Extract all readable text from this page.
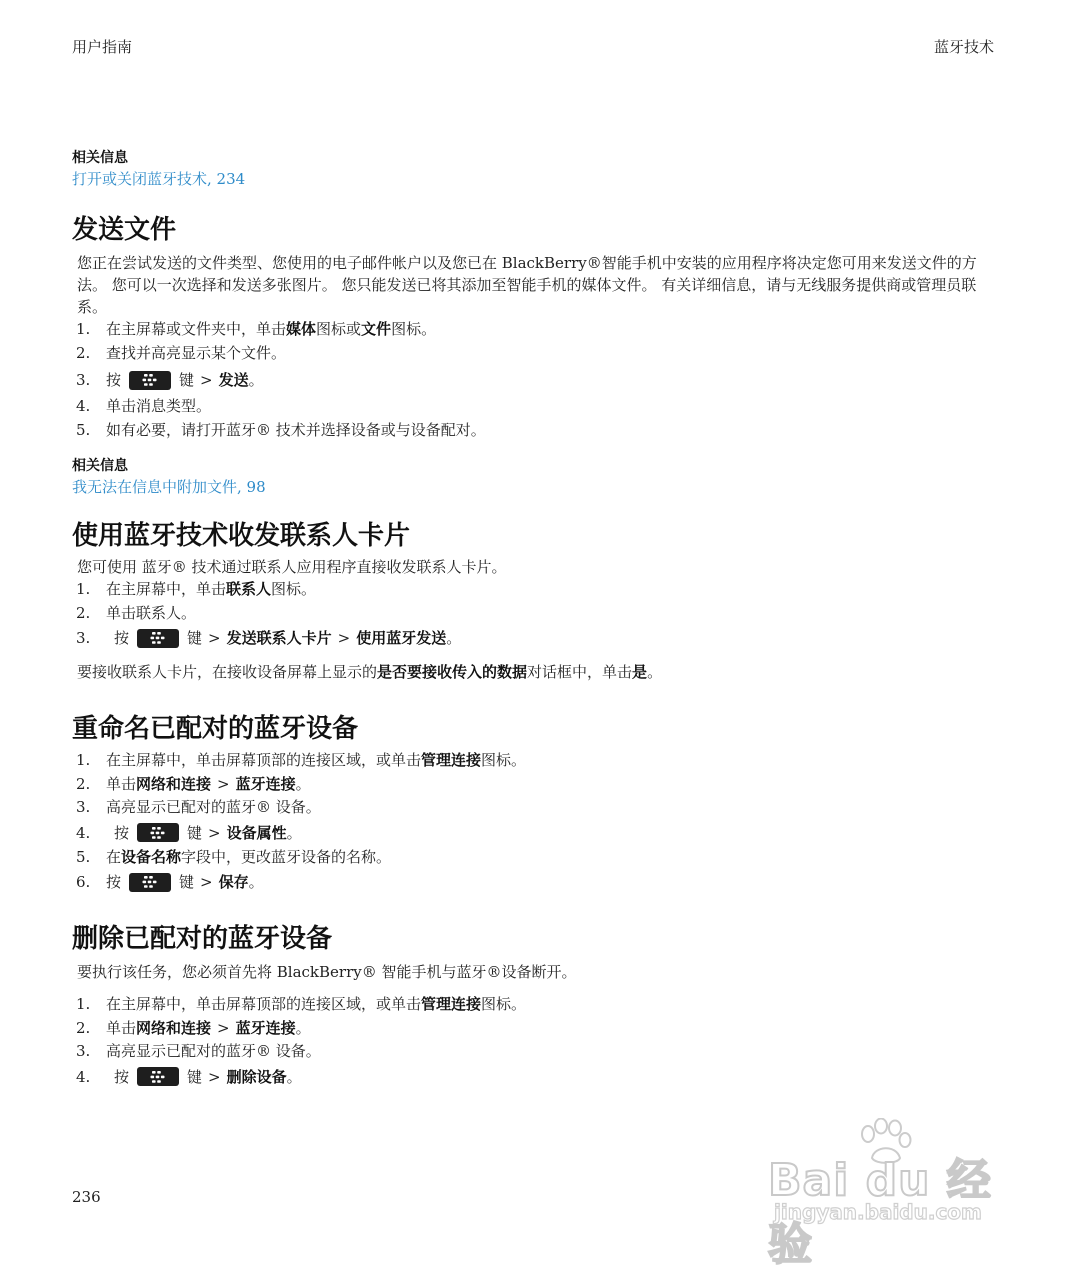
用户指南	蓝牙技术

相关信息

打开或关闭蓝牙技术, 234
发送文件

您正在尝试发送的文件类型、您使用的电子邮件帐户以及您已在 BlackBerry®智能手机中安装的应用程序将决定您可用来发送文件的方法。 您可以一次选择和发送多张图片。 您只能发送已将其添加至智能手机的媒体文件。 有关详细信息，请与无线服务提供商或管理员联系。

1.	在主屏幕或文件夹中，单击 媒体 图标或 文件 图标。
2.	查找并高亮显示某个文件。
3.	按	键 > 发送 。
4.	单击消息类型。
5.	如有必要，请打开蓝牙® 技术并选择设备或与设备配对。

相关信息

我无法在信息中附加文件, 98
使用蓝牙技术收发联系人卡片

您可使用 蓝牙® 技术通过联系人应用程序直接收发联系人卡片。

1.	在主屏幕中，单击 联系人 图标。
2.	单击联系人。
3.	按	键 > 发送联系人卡片 > 使用蓝牙发送 。

要接收联系人卡片，在接收设备屏幕上显示的是否要接收传入的数据对话框中，单击是。

重命名已配对的蓝牙设备
1.	在主屏幕中，单击屏幕顶部的连接区域，或单击 管理连接 图标。
2.	单击 网络和连接 > 蓝牙连接 。
3.	高亮显示已配对的蓝牙® 设备。
4.	按	键 > 设备属性 。
5.	在 设备名称 字段中，更改蓝牙设备的名称。
6.	按	键 > 保存 。
删除已配对的蓝牙设备

要执行该任务，您必须首先将 BlackBerry® 智能手机与蓝牙®设备断开。

1.	在主屏幕中，单击屏幕顶部的连接区域，或单击 管理连接 图标。
2.	单击 网络和连接 > 蓝牙连接 。
3.	高亮显示已配对的蓝牙® 设备。
4.	按	键 > 删除设备 。
Bai du 经验
jingyan.baidu.com
236
